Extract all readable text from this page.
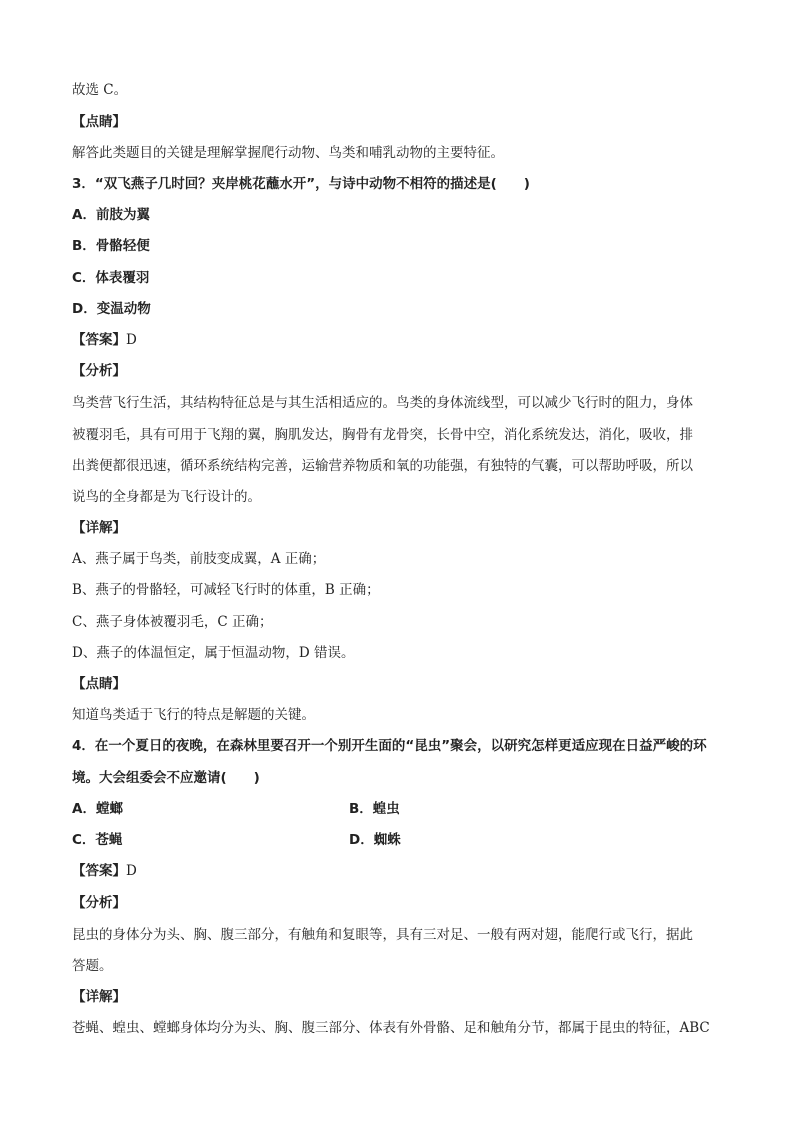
故选 C。
【点睛】
解答此类题目的关键是理解掌握爬行动物、鸟类和哺乳动物的主要特征。
3．“双飞燕子几时回？夹岸桃花蘸水开”，与诗中动物不相符的描述是(　　)
A．前肢为翼
B．骨骼轻便
C．体表覆羽
D．变温动物
【答案】D
【分析】
鸟类营飞行生活，其结构特征总是与其生活相适应的。鸟类的身体流线型，可以减少飞行时的阻力，身体
被覆羽毛，具有可用于飞翔的翼，胸肌发达，胸骨有龙骨突，长骨中空，消化系统发达，消化，吸收，排
出粪便都很迅速，循环系统结构完善，运输营养物质和氧的功能强，有独特的气囊，可以帮助呼吸，所以
说鸟的全身都是为飞行设计的。
【详解】
A、燕子属于鸟类，前肢变成翼，A 正确；
B、燕子的骨骼轻，可减轻飞行时的体重，B 正确；
C、燕子身体被覆羽毛，C 正确；
D、燕子的体温恒定，属于恒温动物，D 错误。
【点睛】
知道鸟类适于飞行的特点是解题的关键。
4．在一个夏日的夜晚，在森林里要召开一个别开生面的“昆虫”聚会，以研究怎样更适应现在日益严峻的环
境。大会组委会不应邀请(　　)
A．螳螂	B．蝗虫
C．苍蝇	D．蜘蛛
【答案】D
【分析】
昆虫的身体分为头、胸、腹三部分，有触角和复眼等，具有三对足、一般有两对翅，能爬行或飞行，据此
答题。
【详解】
苍蝇、蝗虫、螳螂身体均分为头、胸、腹三部分、体表有外骨骼、足和触角分节，都属于昆虫的特征，ABC
